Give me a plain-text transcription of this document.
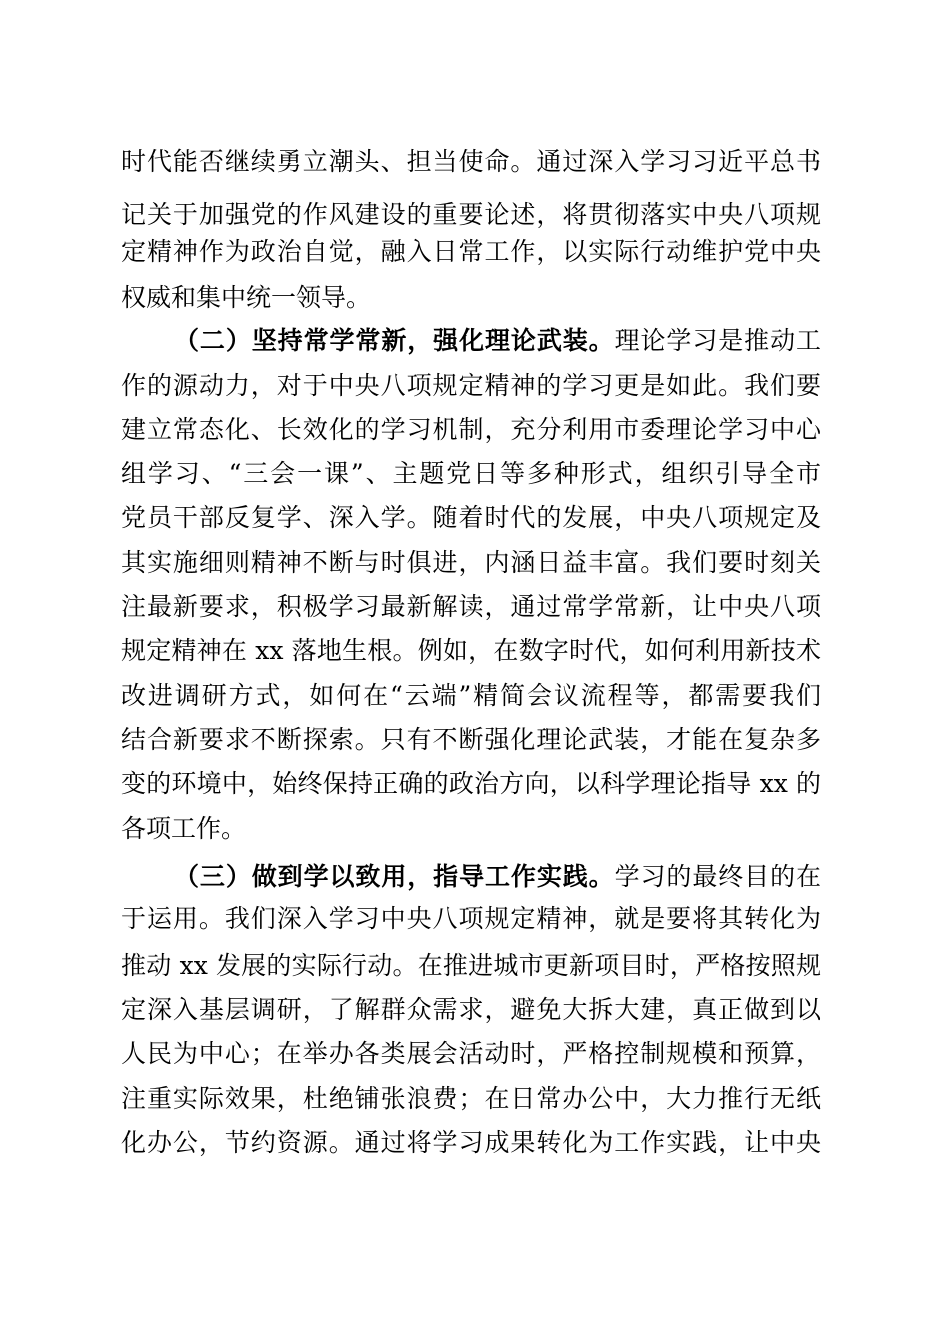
时代能否继续勇立潮头、担当使命。通过深入学习习近平总书
记关于加强党的作风建设的重要论述，将贯彻落实中央八项规
定精神作为政治自觉，融入日常工作，以实际行动维护党中央
权威和集中统一领导。
（二）坚持常学常新，强化理论武装。理论学习是推动工
作的源动力，对于中央八项规定精神的学习更是如此。我们要
建立常态化、长效化的学习机制，充分利用市委理论学习中心
组学习、“三会一课”、主题党日等多种形式，组织引导全市
党员干部反复学、深入学。随着时代的发展，中央八项规定及
其实施细则精神不断与时俱进，内涵日益丰富。我们要时刻关
注最新要求，积极学习最新解读，通过常学常新，让中央八项
规定精神在 xx 落地生根。例如，在数字时代，如何利用新技术
改进调研方式，如何在“云端”精简会议流程等，都需要我们
结合新要求不断探索。只有不断强化理论武装，才能在复杂多
变的环境中，始终保持正确的政治方向，以科学理论指导 xx 的
各项工作。
（三）做到学以致用，指导工作实践。学习的最终目的在
于运用。我们深入学习中央八项规定精神，就是要将其转化为
推动 xx 发展的实际行动。在推进城市更新项目时，严格按照规
定深入基层调研，了解群众需求，避免大拆大建，真正做到以
人民为中心；在举办各类展会活动时，严格控制规模和预算，
注重实际效果，杜绝铺张浪费；在日常办公中，大力推行无纸
化办公，节约资源。通过将学习成果转化为工作实践，让中央
